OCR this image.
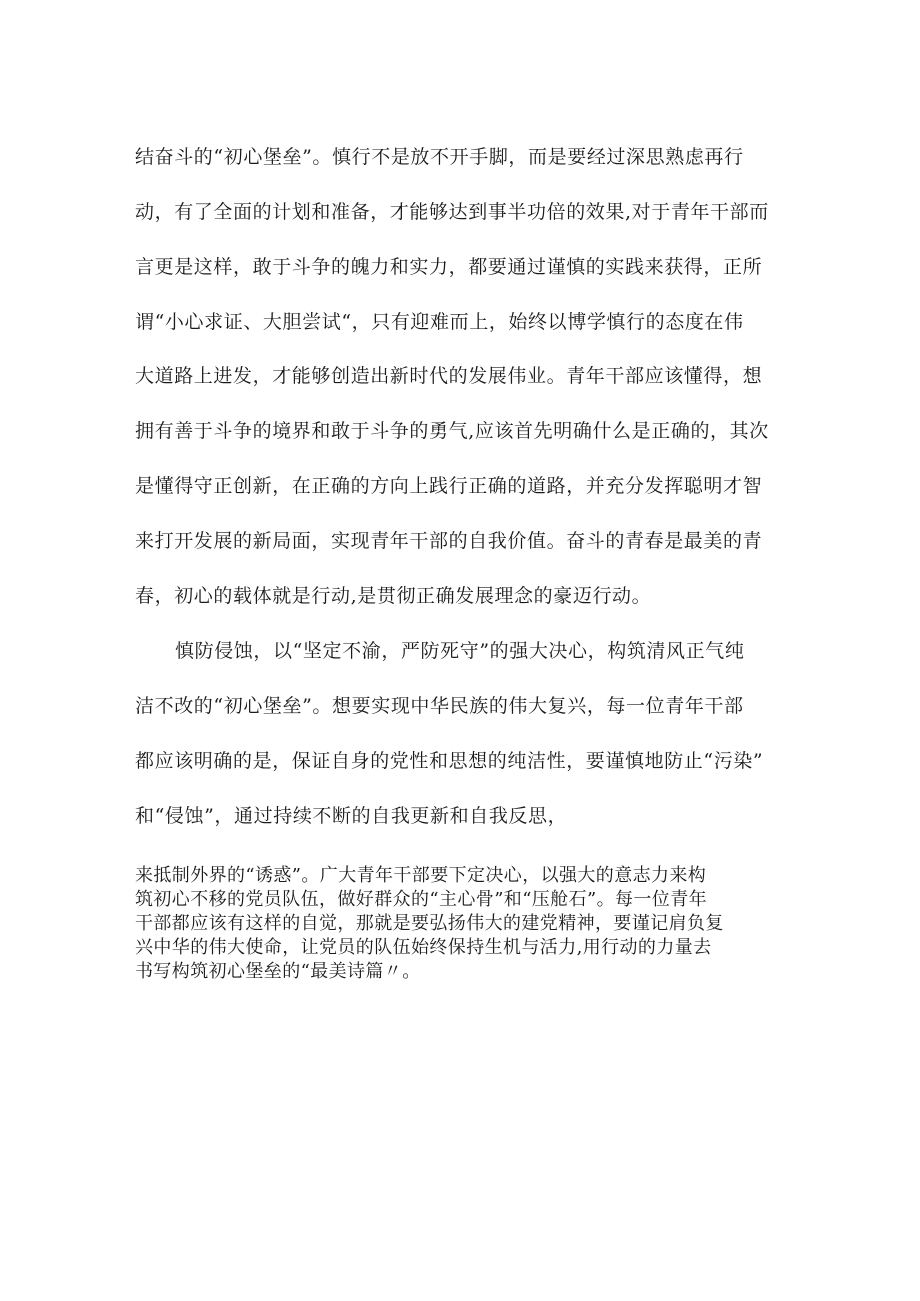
结奋斗的“初心堡垒”。慎行不是放不开手脚，而是要经过深思熟虑再行
动，有了全面的计划和准备，才能够达到事半功倍的效果,对于青年干部而
言更是这样，敢于斗争的魄力和实力，都要通过谨慎的实践来获得，正所
谓“小心求证、大胆尝试“，只有迎难而上，始终以博学慎行的态度在伟
大道路上进发，才能够创造出新时代的发展伟业。青年干部应该懂得，想
拥有善于斗争的境界和敢于斗争的勇气,应该首先明确什么是正确的，其次
是懂得守正创新，在正确的方向上践行正确的道路，并充分发挥聪明才智
来打开发展的新局面，实现青年干部的自我价值。奋斗的青春是最美的青
春，初心的载体就是行动,是贯彻正确发展理念的豪迈行动。
慎防侵蚀，以“坚定不渝，严防死守”的强大决心，构筑清风正气纯
洁不改的“初心堡垒”。想要实现中华民族的伟大复兴，每一位青年干部
都应该明确的是，保证自身的党性和思想的纯洁性，要谨慎地防止“污染”
和“侵蚀”，通过持续不断的自我更新和自我反思，
来抵制外界的“诱惑”。广大青年干部要下定决心，以强大的意志力来构
筑初心不移的党员队伍，做好群众的“主心骨”和“压舱石”。每一位青年
干部都应该有这样的自觉，那就是要弘扬伟大的建党精神，要谨记肩负复
兴中华的伟大使命，让党员的队伍始终保持生机与活力,用行动的力量去
书写构筑初心堡垒的“最美诗篇〃。
